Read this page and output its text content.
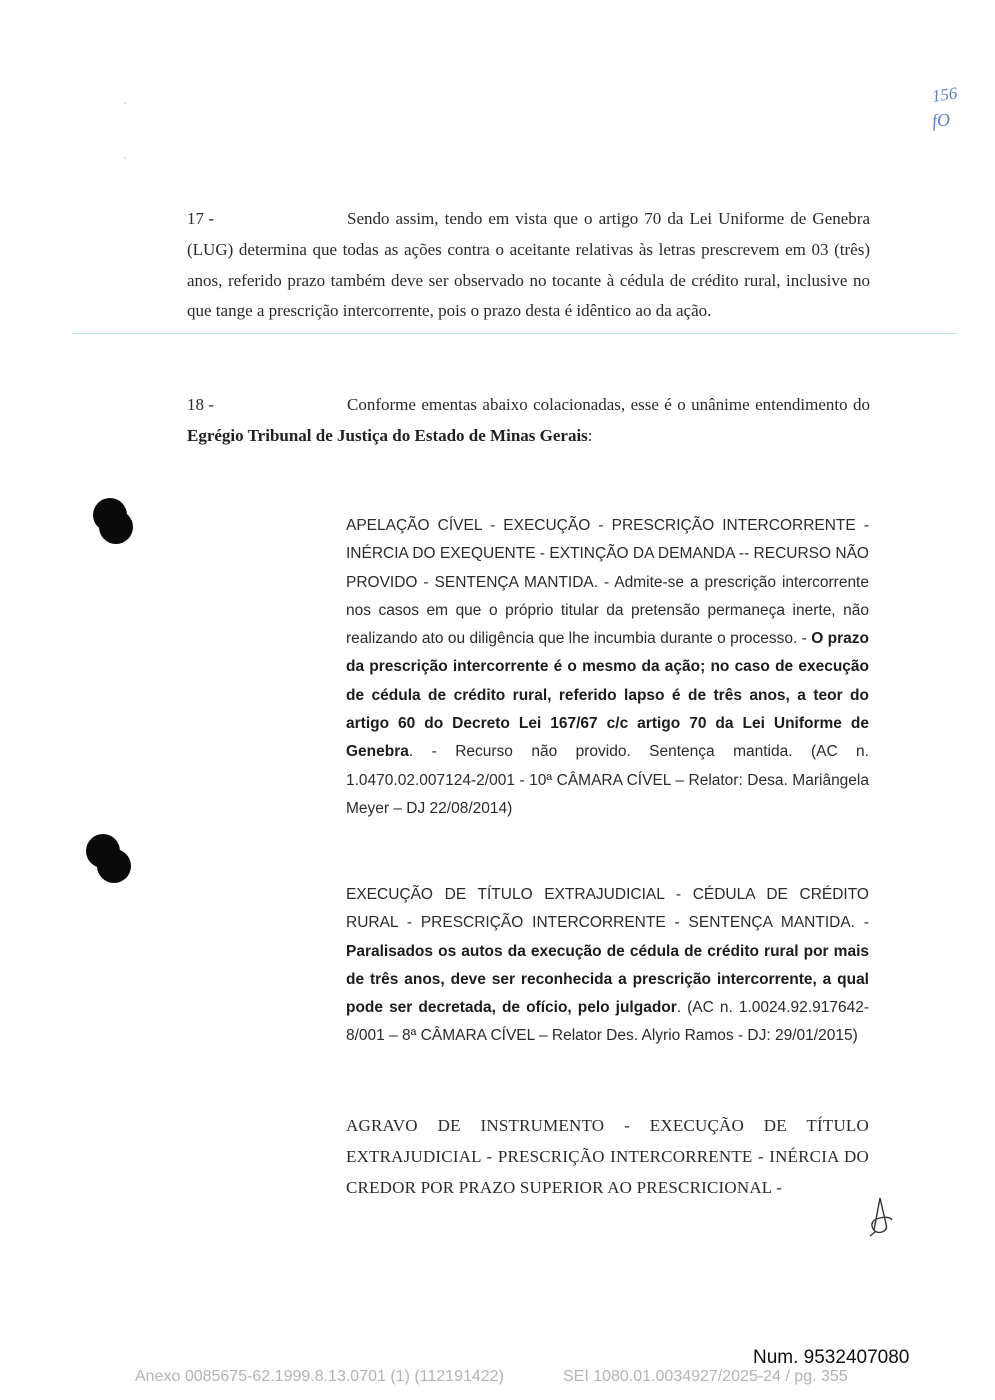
156
fO
17 -	Sendo assim, tendo em vista que o artigo 70 da Lei Uniforme de Genebra (LUG) determina que todas as ações contra o aceitante relativas às letras prescrevem em 03 (três) anos, referido prazo também deve ser observado no tocante à cédula de crédito rural, inclusive no que tange a prescrição intercorrente, pois o prazo desta é idêntico ao da ação.
18 -	Conforme ementas abaixo colacionadas, esse é o unânime entendimento do Egrégio Tribunal de Justiça do Estado de Minas Gerais:
APELAÇÃO CÍVEL - EXECUÇÃO - PRESCRIÇÃO INTERCORRENTE - INÉRCIA DO EXEQUENTE - EXTINÇÃO DA DEMANDA -- RECURSO NÃO PROVIDO - SENTENÇA MANTIDA. - Admite-se a prescrição intercorrente nos casos em que o próprio titular da pretensão permaneça inerte, não realizando ato ou diligência que lhe incumbia durante o processo. - O prazo da prescrição intercorrente é o mesmo da ação; no caso de execução de cédula de crédito rural, referido lapso é de três anos, a teor do artigo 60 do Decreto Lei 167/67 c/c artigo 70 da Lei Uniforme de Genebra. - Recurso não provido. Sentença mantida. (AC n. 1.0470.02.007124-2/001 - 10ª CÂMARA CÍVEL – Relator: Desa. Mariângela Meyer – DJ 22/08/2014)
EXECUÇÃO DE TÍTULO EXTRAJUDICIAL - CÉDULA DE CRÉDITO RURAL - PRESCRIÇÃO INTERCORRENTE - SENTENÇA MANTIDA. - Paralisados os autos da execução de cédula de crédito rural por mais de três anos, deve ser reconhecida a prescrição intercorrente, a qual pode ser decretada, de ofício, pelo julgador. (AC n. 1.0024.92.917642-8/001 – 8ª CÂMARA CÍVEL – Relator Des. Alyrio Ramos - DJ: 29/01/2015)
AGRAVO DE INSTRUMENTO - EXECUÇÃO DE TÍTULO EXTRAJUDICIAL - PRESCRIÇÃO INTERCORRENTE - INÉRCIA DO CREDOR POR PRAZO SUPERIOR AO PRESCRICIONAL -
Num. 9532407080
Anexo 0085675-62.1999.8.13.0701 (1) (112191422)	SEI 1080.01.0034927/2025-24 / pg. 355
